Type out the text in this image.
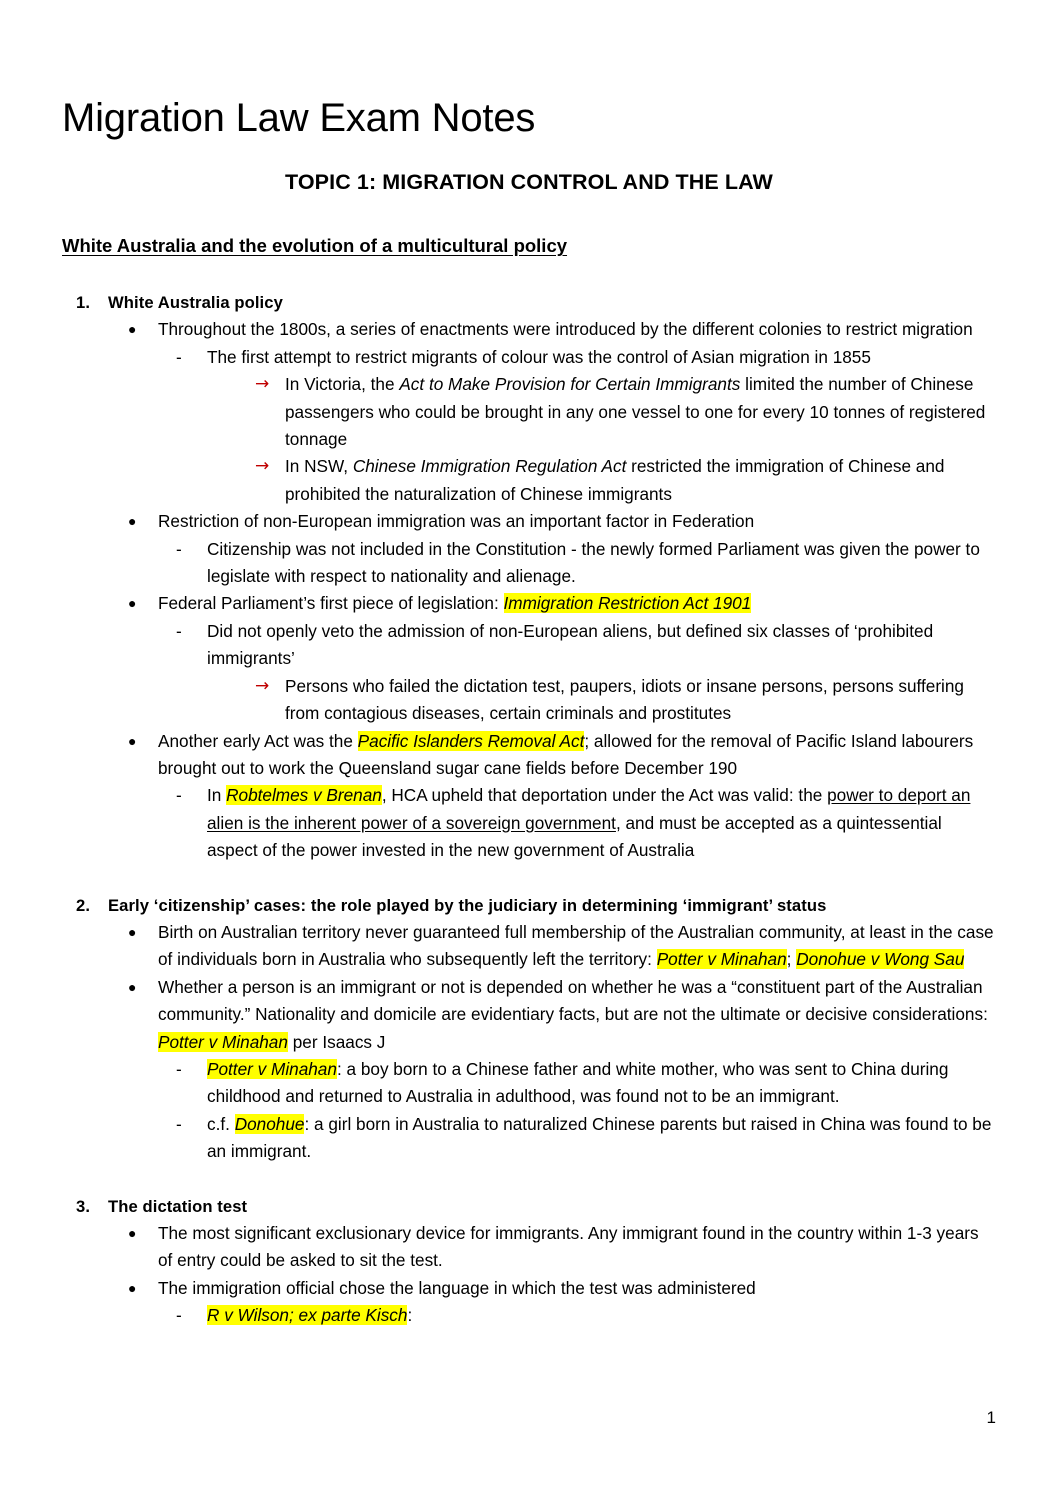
Migration Law Exam Notes
TOPIC 1: MIGRATION CONTROL AND THE LAW
White Australia and the evolution of a multicultural policy
1.	White Australia policy
● Throughout the 1800s, a series of enactments were introduced by the different colonies to restrict migration
- The first attempt to restrict migrants of colour was the control of Asian migration in 1855
→ In Victoria, the Act to Make Provision for Certain Immigrants limited the number of Chinese passengers who could be brought in any one vessel to one for every 10 tonnes of registered tonnage
→ In NSW, Chinese Immigration Regulation Act restricted the immigration of Chinese and prohibited the naturalization of Chinese immigrants
● Restriction of non-European immigration was an important factor in Federation
- Citizenship was not included in the Constitution - the newly formed Parliament was given the power to legislate with respect to nationality and alienage.
● Federal Parliament’s first piece of legislation: Immigration Restriction Act 1901
- Did not openly veto the admission of non-European aliens, but defined six classes of ‘prohibited immigrants’
→ Persons who failed the dictation test, paupers, idiots or insane persons, persons suffering from contagious diseases, certain criminals and prostitutes
● Another early Act was the Pacific Islanders Removal Act; allowed for the removal of Pacific Island labourers brought out to work the Queensland sugar cane fields before December 190
- In Robtelmes v Brenan, HCA upheld that deportation under the Act was valid: the power to deport an alien is the inherent power of a sovereign government, and must be accepted as a quintessential aspect of the power invested in the new government of Australia
2.	Early ‘citizenship’ cases: the role played by the judiciary in determining ‘immigrant’ status
● Birth on Australian territory never guaranteed full membership of the Australian community, at least in the case of individuals born in Australia who subsequently left the territory: Potter v Minahan; Donohue v Wong Sau
● Whether a person is an immigrant or not is depended on whether he was a “constituent part of the Australian community.” Nationality and domicile are evidentiary facts, but are not the ultimate or decisive considerations: Potter v Minahan per Isaacs J
- Potter v Minahan: a boy born to a Chinese father and white mother, who was sent to China during childhood and returned to Australia in adulthood, was found not to be an immigrant.
- c.f. Donohue: a girl born in Australia to naturalized Chinese parents but raised in China was found to be an immigrant.
3.	The dictation test
● The most significant exclusionary device for immigrants. Any immigrant found in the country within 1-3 years of entry could be asked to sit the test.
● The immigration official chose the language in which the test was administered
- R v Wilson; ex parte Kisch:
1
